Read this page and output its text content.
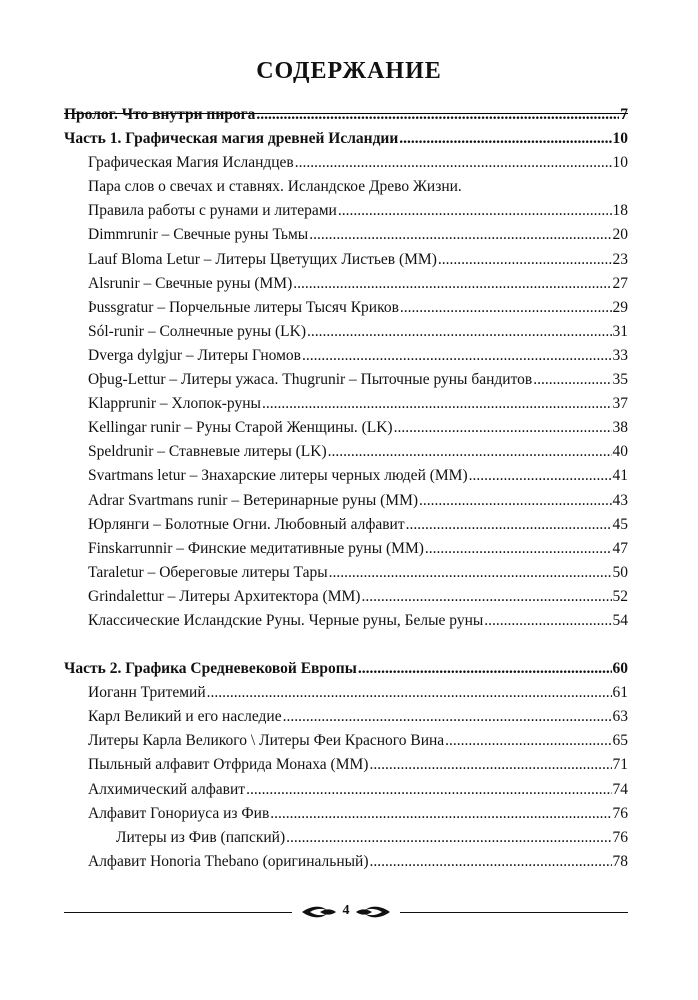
СОДЕРЖАНИЕ
Пролог. Что внутри пирога .....	7
Часть 1. Графическая магия древней Исландии .....	10
Графическая Магия Исландцев .....	10
Пара слов о свечах и ставнях. Исландское Древо Жизни.
Правила работы с рунами и литерами .....	18
Dimmrunir – Свечные руны Тьмы .....	20
Lauf Bloma Letur – Литеры Цветущих Листьев (ММ) .....	23
Alsrunir – Свечные руны (ММ) .....	27
Þussgratur – Порчельные литеры Тысяч Криков .....	29
Sól-runir – Солнечные руны (LK) .....	31
Dverga dylgjur – Литеры Гномов .....	33
Oþug-Lettur – Литеры ужаса. Thugrunir – Пыточные руны бандитов .....	35
Klapprunir – Хлопок-руны .....	37
Kellingar runir – Руны Старой Женщины. (LK) .....	38
Speldrunir – Ставневые литеры (LK) .....	40
Svartmans letur – Знахарские литеры черных людей (ММ) .....	41
Adrar Svartmans runir – Ветеринарные руны (ММ) .....	43
Юрлянги – Болотные Огни. Любовный алфавит .....	45
Finskarrunnir – Финские медитативные руны (ММ) .....	47
Taraletur – Обереговые литеры Тары .....	50
Grindalettur – Литеры Архитектора (ММ) .....	52
Классические Исландские Руны. Черные руны, Белые руны .....	54
Часть 2. Графика Средневековой Европы .....	60
Иоганн Тритемий .....	61
Карл Великий и его наследие .....	63
Литеры Карла Великого \ Литеры Феи Красного Вина .....	65
Пыльный алфавит Отфрида Монаха (ММ) .....	71
Алхимический алфавит .....	74
Алфавит Гонориуса из Фив .....	76
Литеры из Фив (папский) .....	76
Алфавит Honoria Thebano (оригинальный) .....	78
4
